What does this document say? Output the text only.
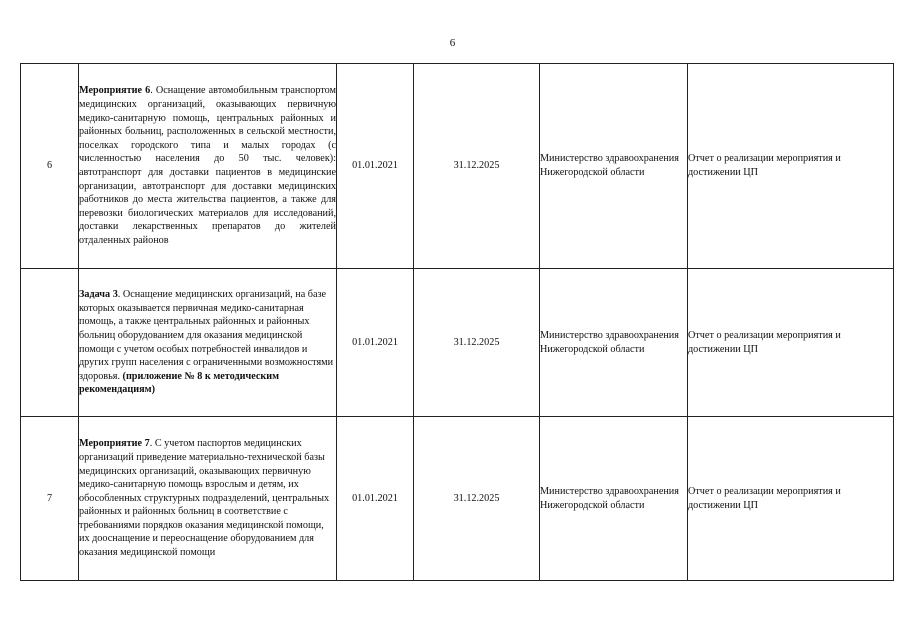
6
6	Мероприятие 6. Оснащение автомобильным транспортом медицинских организаций, оказывающих первичную медико-санитарную помощь, центральных районных и районных больниц, расположенных в сельской местности, поселках городского типа и малых городах (с численностью населения до 50 тыс. человек): автотранспорт для доставки пациентов в медицинские организации, автотранспорт для доставки медицинских работников до места жительства пациентов, а также для перевозки биологических материалов для исследований, доставки лекарственных препаратов до жителей отдаленных районов	01.01.2021	31.12.2025	Министерство здравоохранения Нижегородской области	Отчет о реализации мероприятия и достижении ЦП
	Задача 3. Оснащение медицинских организаций, на базе которых оказывается первичная медико-санитарная помощь, а также центральных районных и районных больниц оборудованием для оказания медицинской помощи с учетом особых потребностей инвалидов и других групп населения с ограниченными возможностями здоровья. (приложение № 8 к методическим рекомендациям)	01.01.2021	31.12.2025	Министерство здравоохранения Нижегородской области	Отчет о реализации мероприятия и достижении ЦП
7	Мероприятие 7. С учетом паспортов медицинских организаций приведение материально-технической базы медицинских организаций, оказывающих первичную медико-санитарную помощь взрослым и детям, их обособленных структурных подразделений, центральных районных и районных больниц в соответствие с требованиями порядков оказания медицинской помощи, их дооснащение и переоснащение оборудованием для оказания медицинской помощи	01.01.2021	31.12.2025	Министерство здравоохранения Нижегородской области	Отчет о реализации мероприятия и достижении ЦП
